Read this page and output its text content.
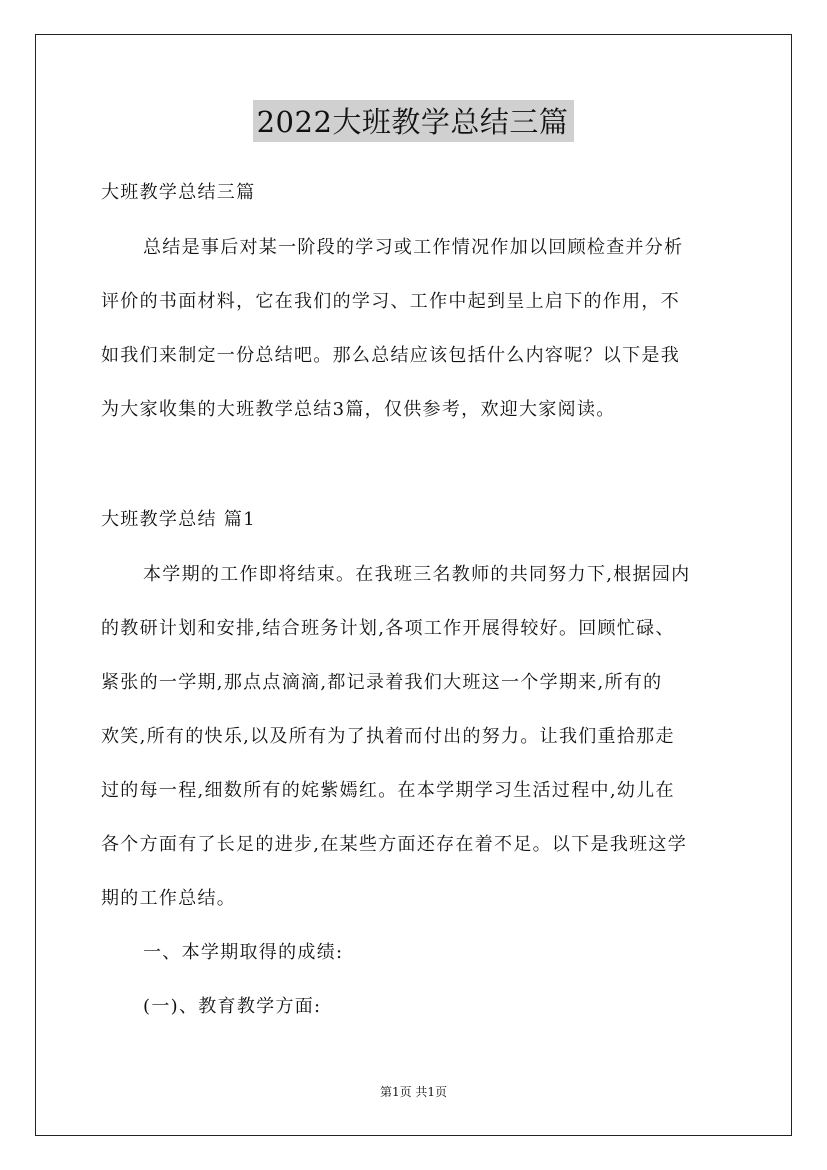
2022大班教学总结三篇
大班教学总结三篇
总结是事后对某一阶段的学习或工作情况作加以回顾检查并分析
评价的书面材料，它在我们的学习、工作中起到呈上启下的作用，不
如我们来制定一份总结吧。那么总结应该包括什么内容呢？以下是我
为大家收集的大班教学总结3篇，仅供参考，欢迎大家阅读。
大班教学总结 篇1
本学期的工作即将结束。在我班三名教师的共同努力下,根据园内
的教研计划和安排,结合班务计划,各项工作开展得较好。回顾忙碌、
紧张的一学期,那点点滴滴,都记录着我们大班这一个学期来,所有的
欢笑,所有的快乐,以及所有为了执着而付出的努力。让我们重拾那走
过的每一程,细数所有的姹紫嫣红。在本学期学习生活过程中,幼儿在
各个方面有了长足的进步,在某些方面还存在着不足。以下是我班这学
期的工作总结。
一、本学期取得的成绩:
(一)、教育教学方面:
第1页 共1页
